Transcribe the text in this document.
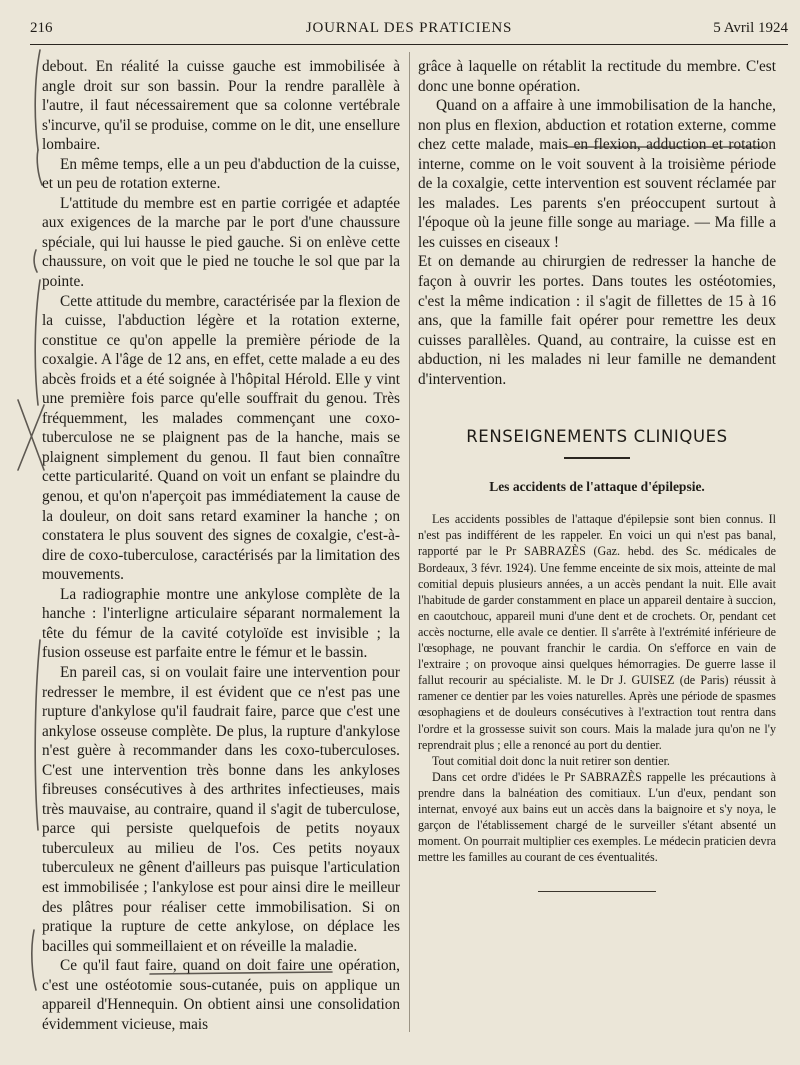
216	JOURNAL DES PRATICIENS	5 Avril 1924

debout. En réalité la cuisse gauche est immobilisée à angle droit sur son bassin. Pour la rendre parallèle à l'autre, il faut nécessairement que sa colonne vertébrale s'incurve, qu'il se produise, comme on le dit, une ensellure lombaire.

En même temps, elle a un peu d'abduction de la cuisse, et un peu de rotation externe.

L'attitude du membre est en partie corrigée et adaptée aux exigences de la marche par le port d'une chaussure spéciale, qui lui hausse le pied gauche. Si on enlève cette chaussure, on voit que le pied ne touche le sol que par la pointe.

Cette attitude du membre, caractérisée par la flexion de la cuisse, l'abduction légère et la rotation externe, constitue ce qu'on appelle la première période de la coxalgie. A l'âge de 12 ans, en effet, cette malade a eu des abcès froids et a été soignée à l'hôpital Hérold. Elle y vint une première fois parce qu'elle souffrait du genou. Très fréquemment, les malades commençant une coxo-tuberculose ne se plaignent pas de la hanche, mais se plaignent simplement du genou. Il faut bien connaître cette particularité. Quand on voit un enfant se plaindre du genou, et qu'on n'aperçoit pas immédiatement la cause de la douleur, on doit sans retard examiner la hanche ; on constatera le plus souvent des signes de coxalgie, c'est-à-dire de coxo-tuberculose, caractérisés par la limitation des mouvements.

La radiographie montre une ankylose complète de la hanche : l'interligne articulaire séparant normalement la tête du fémur de la cavité cotyloïde est invisible ; la fusion osseuse est parfaite entre le fémur et le bassin.

En pareil cas, si on voulait faire une intervention pour redresser le membre, il est évident que ce n'est pas une rupture d'ankylose qu'il faudrait faire, parce que c'est une ankylose osseuse complète. De plus, la rupture d'ankylose n'est guère à recommander dans les coxo-tuberculoses. C'est une intervention très bonne dans les ankyloses fibreuses consécutives à des arthrites infectieuses, mais très mauvaise, au contraire, quand il s'agit de tuberculose, parce qui persiste quelquefois de petits noyaux tuberculeux au milieu de l'os. Ces petits noyaux tuberculeux ne gênent d'ailleurs pas puisque l'articulation est immobilisée ; l'ankylose est pour ainsi dire le meilleur des plâtres pour réaliser cette immobilisation. Si on pratique la rupture de cette ankylose, on déplace les bacilles qui sommeillaient et on réveille la maladie.

Ce qu'il faut faire, quand on doit faire une opération, c'est une ostéotomie sous-cutanée, puis on applique un appareil d'Hennequin. On obtient ainsi une consolidation évidemment vicieuse, mais

grâce à laquelle on rétablit la rectitude du membre. C'est donc une bonne opération.

Quand on a affaire à une immobilisation de la hanche, non plus en flexion, abduction et rotation externe, comme chez cette malade, mais en flexion, adduction et rotation interne, comme on le voit souvent à la troisième période de la coxalgie, cette intervention est souvent réclamée par les malades. Les parents s'en préoccupent surtout à l'époque où la jeune fille songe au mariage. — Ma fille a les cuisses en ciseaux !

Et on demande au chirurgien de redresser la hanche de façon à ouvrir les portes. Dans toutes les ostéotomies, c'est la même indication : il s'agit de fillettes de 15 à 16 ans, que la famille fait opérer pour remettre les deux cuisses parallèles. Quand, au contraire, la cuisse est en abduction, ni les malades ni leur famille ne demandent d'intervention.

RENSEIGNEMENTS CLINIQUES
Les accidents de l'attaque d'épilepsie.

Les accidents possibles de l'attaque d'épilepsie sont bien connus. Il n'est pas indifférent de les rappeler. En voici un qui n'est pas banal, rapporté par le Pr SABRAZÈS (Gaz. hebd. des Sc. médicales de Bordeaux, 3 févr. 1924). Une femme enceinte de six mois, atteinte de mal comitial depuis plusieurs années, a un accès pendant la nuit. Elle avait l'habitude de garder constamment en place un appareil dentaire à succion, en caoutchouc, appareil muni d'une dent et de crochets. Or, pendant cet accès nocturne, elle avale ce dentier. Il s'arrête à l'extrémité inférieure de l'œsophage, ne pouvant franchir le cardia. On s'efforce en vain de l'extraire ; on provoque ainsi quelques hémorragies. De guerre lasse il fallut recourir au spécialiste. M. le Dr J. GUISEZ (de Paris) réussit à ramener ce dentier par les voies naturelles. Après une période de spasmes œsophagiens et de douleurs consécutives à l'extraction tout rentra dans l'ordre et la grossesse suivit son cours. Mais la malade jura qu'on ne l'y reprendrait plus ; elle a renoncé au port du dentier.

Tout comitial doit donc la nuit retirer son dentier.

Dans cet ordre d'idées le Pr SABRAZÈS rappelle les précautions à prendre dans la balnéation des comitiaux. L'un d'eux, pendant son internat, envoyé aux bains eut un accès dans la baignoire et s'y noya, le garçon de l'établissement chargé de le surveiller s'étant absenté un moment. On pourrait multiplier ces exemples. Le médecin praticien devra mettre les familles au courant de ces éventualités.
